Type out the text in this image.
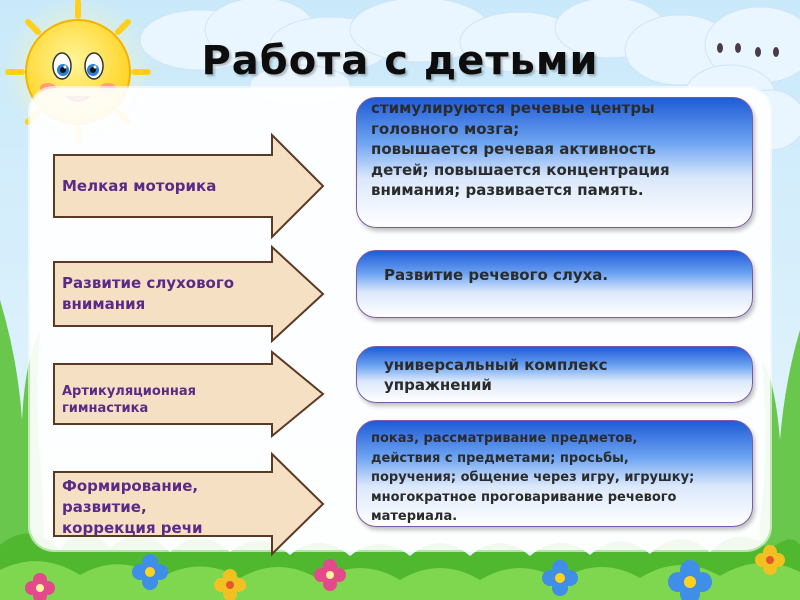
Работа с детьми
Мелкая моторика
стимулируются речевые центры
головного мозга;
повышается речевая активность
детей; повышается концентрация
внимания; развивается память.
Развитие слухового
внимания
Развитие речевого слуха.
Артикуляционная
гимнастика
универсальный комплекс
упражнений
Формирование,
развитие,
коррекция речи
показ, рассматривание предметов,
действия с предметами; просьбы,
поручения; общение через игру, игрушку;
многократное проговаривание речевого
материала.
